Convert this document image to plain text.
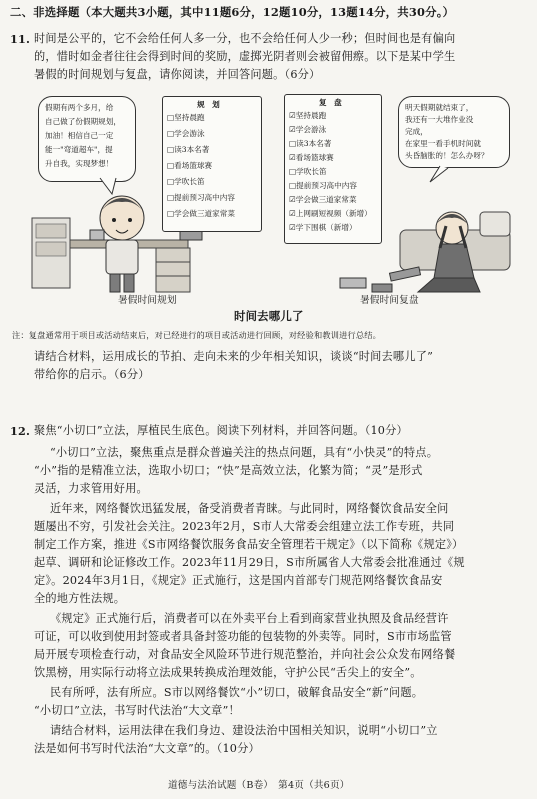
二、非选择题（本大题共3小题，其中11题6分，12题10分，13题14分，共30分。）
11. 时间是公平的，它不会给任何人多一分，也不会给任何人少一秒；但时间也是有偏向
的，惜时如金者往往会得到时间的奖励，虚掷光阴者则会被留佣瘵。以下是某中学生
暑假的时间规划与复盘，请你阅读，并回答问题。（6分）
假期有两个多月，给
自己做了份假期规划，
加油！相信自己一定
能一"弯道超车"，提
升自我，实现梦想！
规　划
□坚持晨跑
□学会游泳
□读3本名著
□看场篮球赛
□学吹长笛
□提前预习高中内容
□学会做三道家常菜
复　盘
☑坚持晨跑
☑学会游泳
□读3本名著
☑看场篮球赛
□学吹长笛
□提前预习高中内容
☑学会做三道家常菜
☑上网刷短视频（新增）
☑学下围棋（新增）
明天假期就结束了，
我还有一大堆作业没
完成，
在家里一看手机时间就
头昏脑胀的！怎么办呀？
暑假时间规划	暑假时间复盘
时间去哪儿了
注：复盘通常用于项目或活动结束后，对已经进行的项目或活动进行回顾，对经验和教训进行总结。
请结合材料，运用成长的节拍、走向未来的少年相关知识，谈谈“时间去哪儿了”
带给你的启示。（6分）
12. 聚焦“小切口”立法，厚植民生底色。阅读下列材料，并回答问题。（10分）
“小切口”立法，聚焦重点是群众普遍关注的热点问题，具有“小快灵”的特点。
“小”指的是精准立法，选取小切口；“快”是高效立法，化繁为简；“灵”是形式
灵活，力求管用好用。
近年来，网络餐饮迅猛发展，备受消费者青睐。与此同时，网络餐饮食品安全问
题屡出不穷，引发社会关注。2023年2月，S市人大常委会组建立法工作专班，共同
制定工作方案，推进《S市网络餐饮服务食品安全管理若干规定》（以下简称《规定》）
起草、调研和论证修改工作。2023年11月29日，S市所属省人大常委会批准通过《规
定》。2024年3月1日，《规定》正式施行，这是国内首部专门规范网络餐饮食品安
全的地方性法规。
《规定》正式施行后，消费者可以在外卖平台上看到商家营业执照及食品经营许
可证，可以收到使用封签或者具备封签功能的包装物的外卖等。同时，S市市场监管
局开展专项检查行动，对食品安全风险环节进行规范整治，并向社会公众发布网络餐
饮黑榜，用实际行动将立法成果转换成治理效能，守护公民“舌尖上的安全”。
民有所呼，法有所应。S市以网络餐饮“小”切口，破解食品安全“新”问题。
“小切口”立法，书写时代法治“大文章”！
请结合材料，运用法律在我们身边、建设法治中国相关知识，说明“小切口”立
法是如何书写时代法治“大文章”的。（10分）
道德与法治试题（B卷）　第4页（共6页）
